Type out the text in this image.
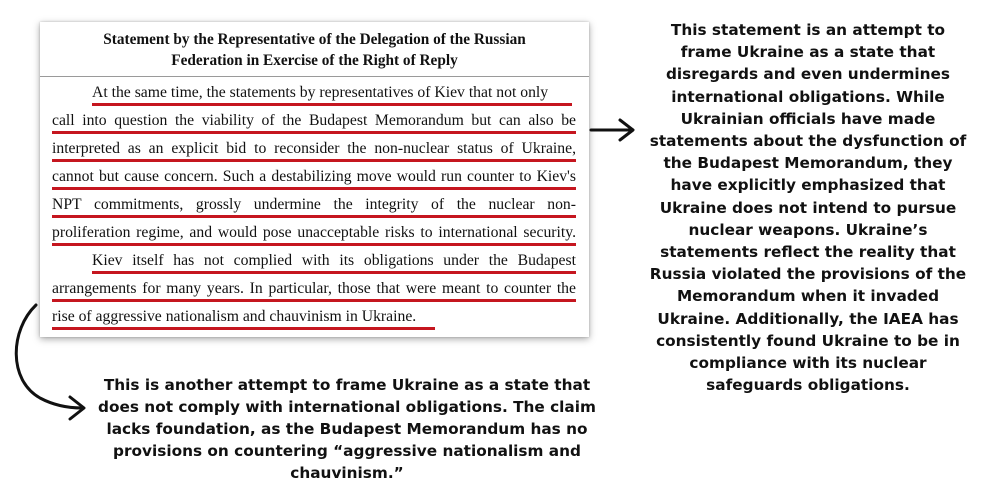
Statement by the Representative of the Delegation of the Russian
Federation in Exercise of the Right of Reply
At the same time, the statements by representatives of Kiev that not only
call into question the viability of the Budapest Memorandum but can also be
interpreted as an explicit bid to reconsider the non-nuclear status of Ukraine,
cannot but cause concern. Such a destabilizing move would run counter to Kiev's
NPT commitments, grossly undermine the integrity of the nuclear non-
proliferation regime, and would pose unacceptable risks to international security.
Kiev itself has not complied with its obligations under the Budapest
arrangements for many years. In particular, those that were meant to counter the
rise of aggressive nationalism and chauvinism in Ukraine.
This statement is an attempt to
frame Ukraine as a state that
disregards and even undermines
international obligations. While
Ukrainian officials have made
statements about the dysfunction of
the Budapest Memorandum, they
have explicitly emphasized that
Ukraine does not intend to pursue
nuclear weapons. Ukraine’s
statements reflect the reality that
Russia violated the provisions of the
Memorandum when it invaded
Ukraine. Additionally, the IAEA has
consistently found Ukraine to be in
compliance with its nuclear
safeguards obligations.
This is another attempt to frame Ukraine as a state that
does not comply with international obligations. The claim
lacks foundation, as the Budapest Memorandum has no
provisions on countering “aggressive nationalism and
chauvinism.”
